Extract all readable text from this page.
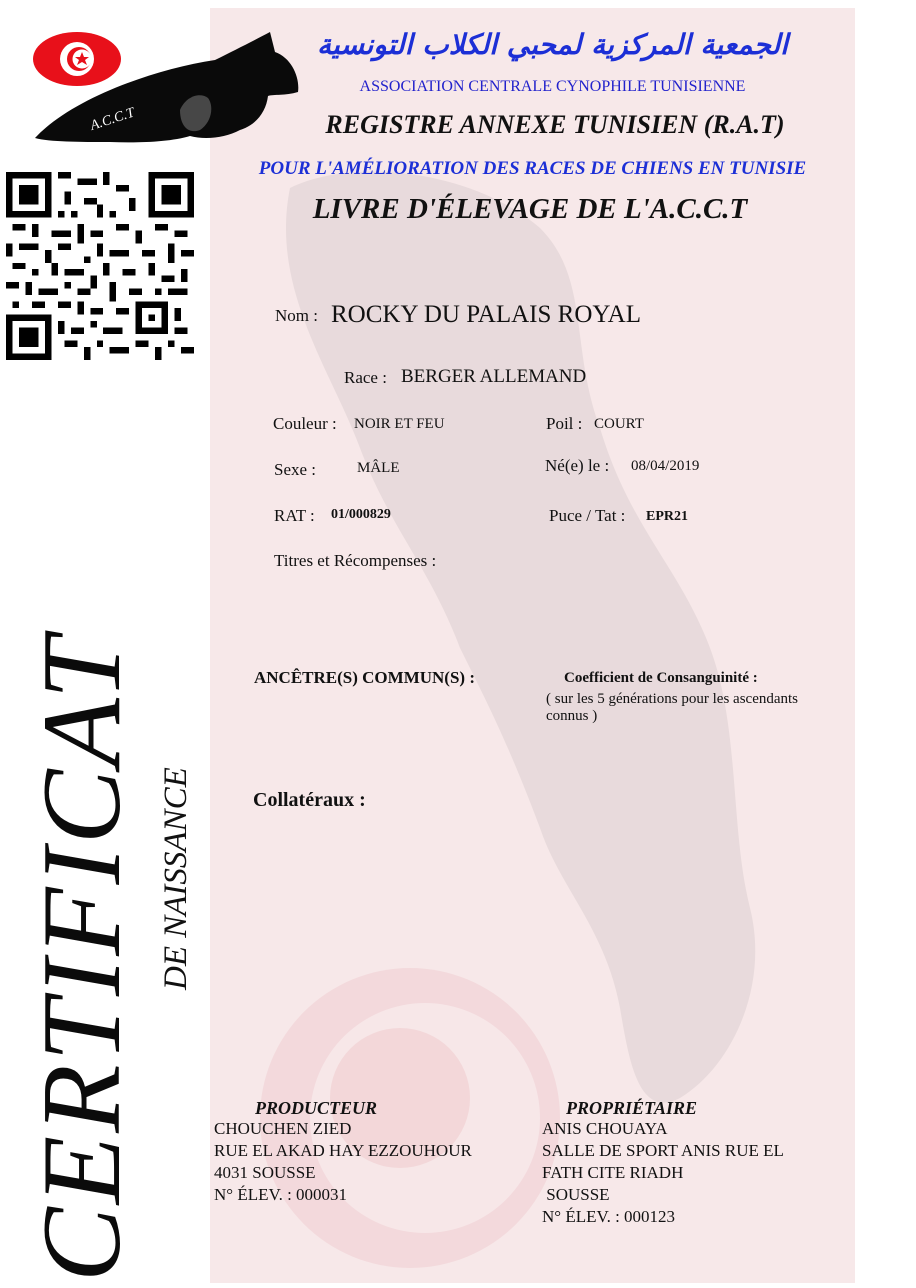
A.C.C.T
الجمعية المركزية لمحبي الكلاب التونسية
ASSOCIATION CENTRALE CYNOPHILE TUNISIENNE
REGISTRE ANNEXE TUNISIEN (R.A.T)
POUR L'AMÉLIORATION DES RACES DE CHIENS EN TUNISIE
LIVRE D'ÉLEVAGE DE L'A.C.C.T
CERTIFICAT DE NAISSANCE
Nom : ROCKY DU PALAIS ROYAL
Race : BERGER ALLEMAND
Couleur : NOIR ET FEU	Poil : COURT
Sexe :	MÂLE	Né(e) le : 08/04/2019
RAT : 01/000829	Puce / Tat : EPR21
Titres et Récompenses :
ANCÊTRE(S) COMMUN(S) :	Coefficient de Consanguinité :
( sur les 5 générations pour les ascendants
connus )
Collatéraux :
PRODUCTEUR
CHOUCHEN ZIED
RUE EL AKAD HAY EZZOUHOUR
4031 SOUSSE
N° ÉLEV. : 000031
PROPRIÉTAIRE
ANIS CHOUAYA
SALLE DE SPORT ANIS RUE EL
FATH CITE RIADH
SOUSSE
N° ÉLEV. : 000123
